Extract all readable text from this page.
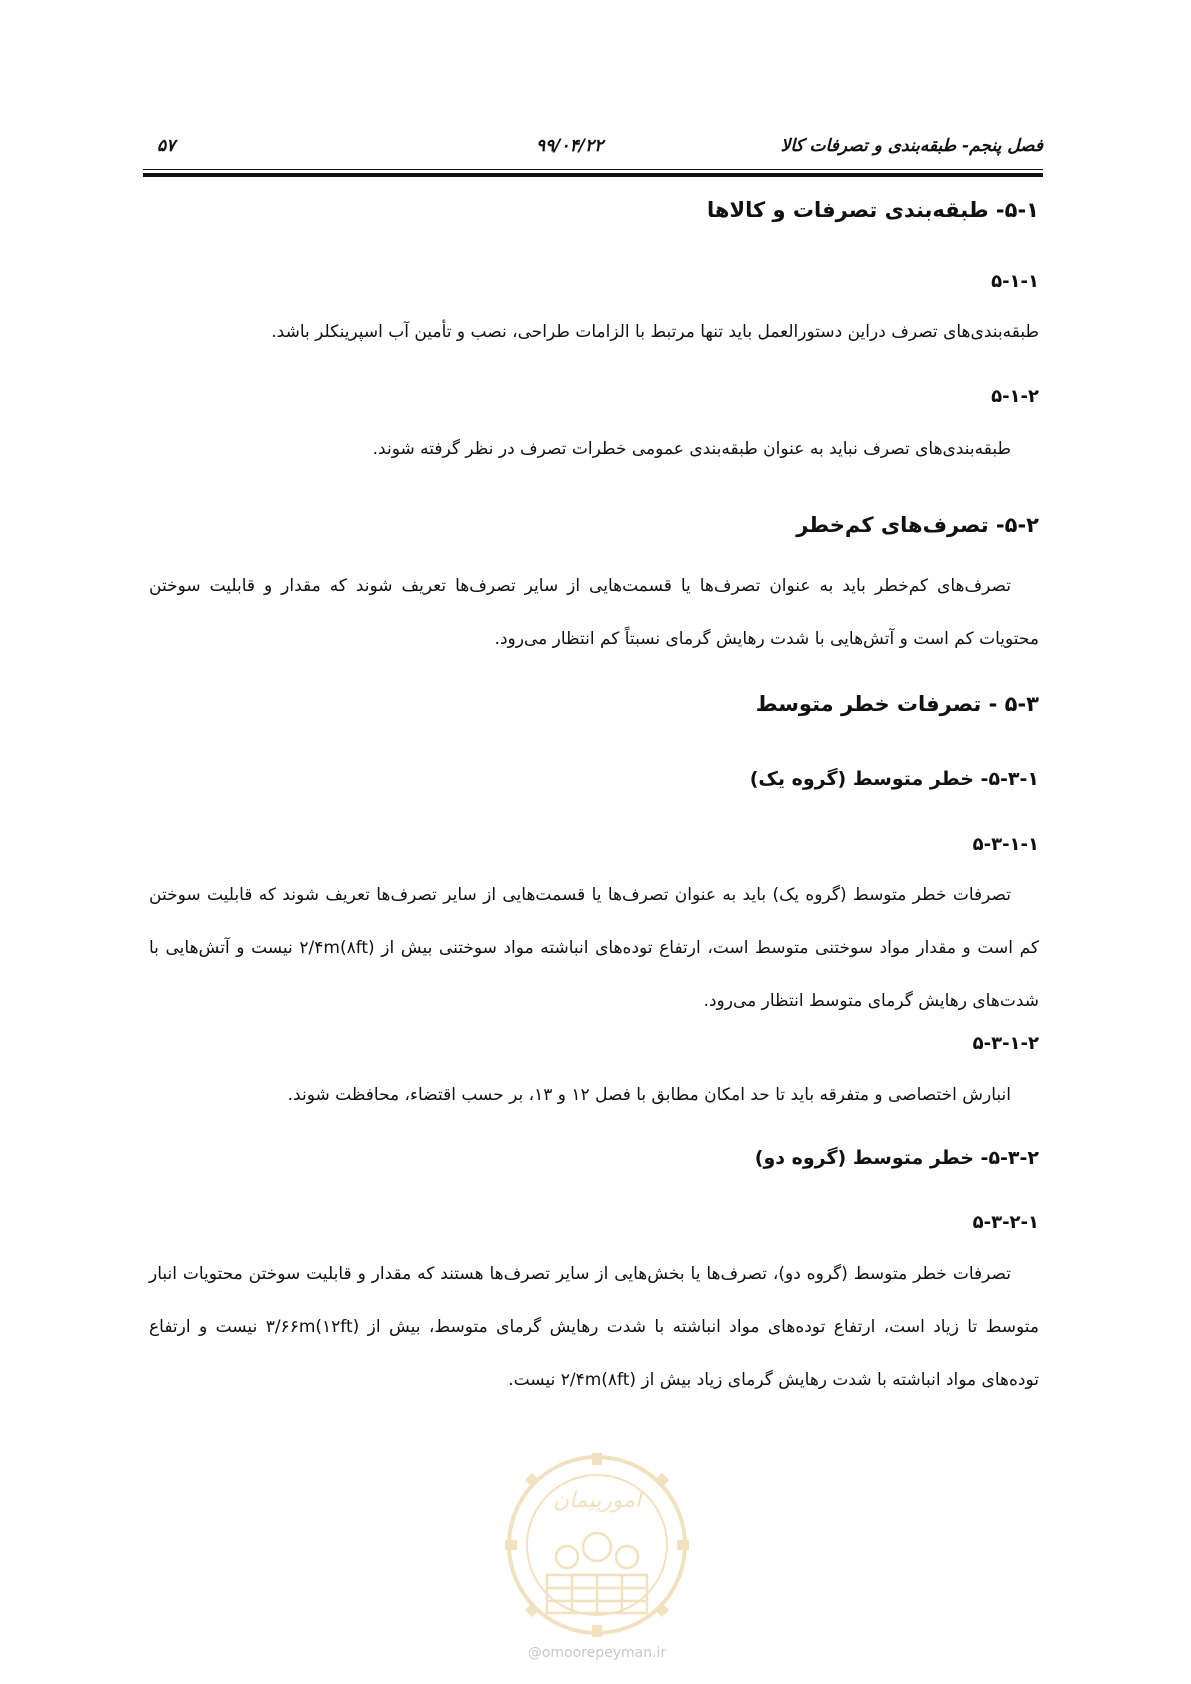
فصل پنجم- طبقه‌بندی و تصرفات کالا
۹۹/۰۴/۲۲
۵۷
۵-۱- طبقه‌بندی تصرفات و کالاها
۵-۱-۱
طبقه‌بندی‌های تصرف دراین دستورالعمل باید تنها مرتبط با الزامات طراحی، نصب و تأمین آب اسپرینکلر باشد.
۵-۱-۲
طبقه‌بندی‌های تصرف نباید به عنوان طبقه‌بندی عمومی خطرات تصرف در نظر گرفته شوند.
۵-۲- تصرف‌های کم‌خطر
تصرف‌های کم‌خطر باید به عنوان تصرف‌ها یا قسمت‌هایی از سایر تصرف‌ها تعریف شوند که مقدار و قابلیت سوختن محتویات کم است و آتش‌هایی با شدت رهایش گرمای نسبتاً کم انتظار می‌رود.
۵-۳ - تصرفات خطر متوسط
۵-۳-۱- خطر متوسط (گروه یک)
۵-۳-۱-۱
تصرفات خطر متوسط (گروه یک) باید به عنوان تصرف‌ها یا قسمت‌هایی از سایر تصرف‌ها تعریف شوند که قابلیت سوختن کم است و مقدار مواد سوختنی متوسط است، ارتفاع توده‌های انباشته مواد سوختنی بیش از ۲/۴m(۸ft) نیست و آتش‌هایی با شدت‌های رهایش گرمای متوسط انتظار می‌رود.
۵-۳-۱-۲
انبارش اختصاصی و متفرقه باید تا حد امکان مطابق با فصل ۱۲ و ۱۳، بر حسب اقتضاء، محافظت شوند.
۵-۳-۲- خطر متوسط (گروه دو)
۵-۳-۲-۱
تصرفات خطر متوسط (گروه دو)، تصرف‌ها یا بخش‌هایی از سایر تصرف‌ها هستند که مقدار و قابلیت سوختن محتویات انبار متوسط تا زیاد است، ارتفاع توده‌های مواد انباشته با شدت رهایش گرمای متوسط، بیش از ۳/۶۶m(۱۲ft) نیست و ارتفاع توده‌های مواد انباشته با شدت رهایش گرمای زیاد بیش از ۲/۴m(۸ft) نیست.
امورپیمان
@omoorepeyman.ir
